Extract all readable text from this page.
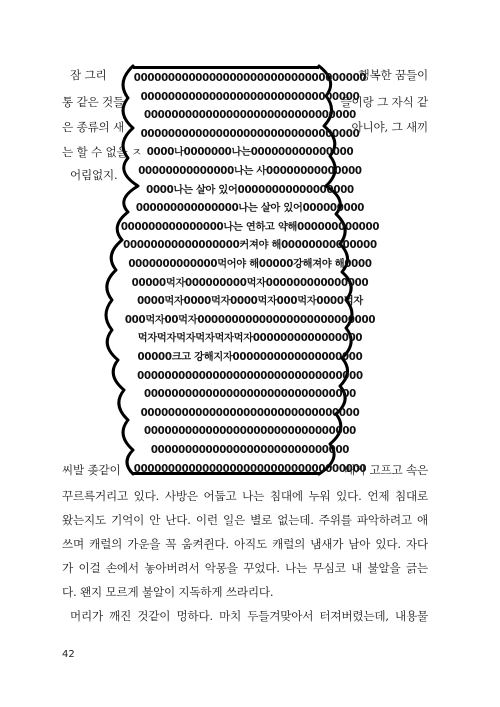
잠 그리	행복한 꿈들이
통 같은 것들	들이랑 그 자식 같
은 종류의 새	아니야, 그 새끼
는 할 수 없을 ㅈ
어림없지.
0000000000000000000000000000000000
00000000000000000000000000000000
0000000000000000000000000000000
00000000000000000000000000000000
0000나0000000나는000000000000000
00000000000000나는 사00000000000000
0000나는 살아 있어00000000000000000
000000000000000나는 살아 있어000000000
000000000000000나는 연하고 약해000000000000
00000000000000000커져야 해00000000000000
0000000000000먹어야 해00000강해져야 해0000
00000먹자000000000먹자000000000000000
0000먹자0000먹자0000먹자000먹자0000먹자
000먹자00먹자00000000000000000000000000
먹자먹자먹자먹자먹자먹자0000000000000000
00000크고 강해지자0000000000000000000
000000000000000000000000000000000
0000000000000000000000000000000
00000000000000000000000000000000
0000000000000000000000000000000
00000000000000000000000000000
0000000000000000000000000000000000
씨발 좆같이	배가 고프고 속은
꾸르륵거리고 있다. 사방은 어둡고 나는 침대에 누워 있다. 언제 침대로
왔는지도 기억이 안 난다. 이런 일은 별로 없는데. 주위를 파악하려고 애
쓰며 캐럴의 가운을 꼭 움켜쥔다. 아직도 캐럴의 냄새가 남아 있다. 자다
가 이걸 손에서 놓아버려서 악몽을 꾸었다. 나는 무심코 내 불알을 긁는
다. 왠지 모르게 불알이 지독하게 쓰라리다.
머리가 깨진 것같이 멍하다. 마치 두들겨맞아서 터져버렸는데, 내용물
42
